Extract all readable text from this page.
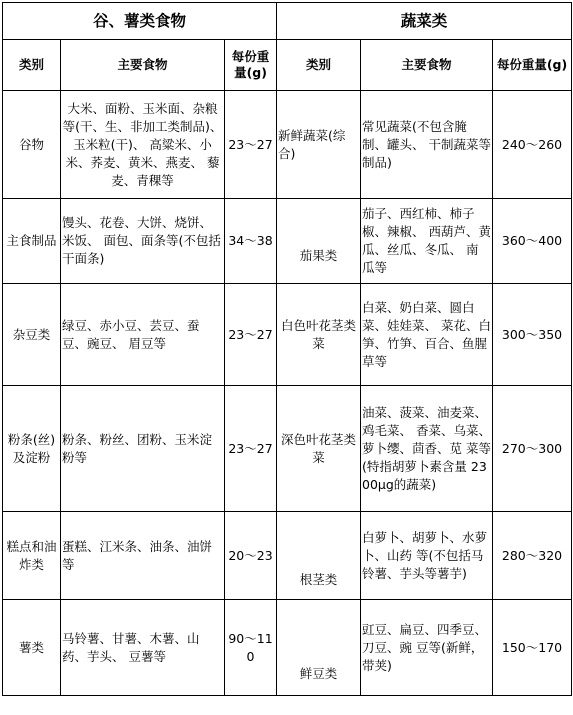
谷、薯类食物			蔬菜类		
类别	主要食物	每份重量(g)	类别	主要食物	每份重量(g)
谷物	大米、面粉、玉米面、杂粮等(干、生、非加工类制品)、玉米粒(干)、 高粱米、小米、荞麦、黄米、燕麦、 藜麦、青稞等	23～27	新鲜蔬菜(综合)	常见蔬菜(不包含腌制、罐头、 干制蔬菜等制品)	240～260
主食制品	馒头、花卷、大饼、烧饼、米饭、 面包、面条等(不包括干面条)	34～38	茄果类	茄子、西红柿、柿子椒、辣椒、 西葫芦、黄瓜、丝瓜、冬瓜、 南 瓜等	360～400
杂豆类	绿豆、赤小豆、芸豆、蚕豆、豌豆、 眉豆等	23～27	白色叶花茎类菜	白菜、奶白菜、圆白菜、娃娃菜、 菜花、白笋、竹笋、百合、鱼腥 草等	300～350
粉条(丝)及淀粉	粉条、粉丝、团粉、玉米淀粉等	23～27	深色叶花茎类菜	油菜、菠菜、油麦菜、鸡毛菜、 香菜、乌菜、萝卜缨、茴香、苋 菜等(特指胡萝卜素含量 2300μg的蔬菜)	270～300
糕点和油炸类	蛋糕、江米条、油条、油饼等	20～23	根茎类	白萝卜、胡萝卜、水萝卜、山药 等(不包括马铃薯、芋头等薯芋)	280～320
薯类	马铃薯、甘薯、木薯、山药、芋头、 豆薯等	90～110	鲜豆类	豇豆、扁豆、四季豆、刀豆、豌 豆等(新鲜，带荚)	150～170
